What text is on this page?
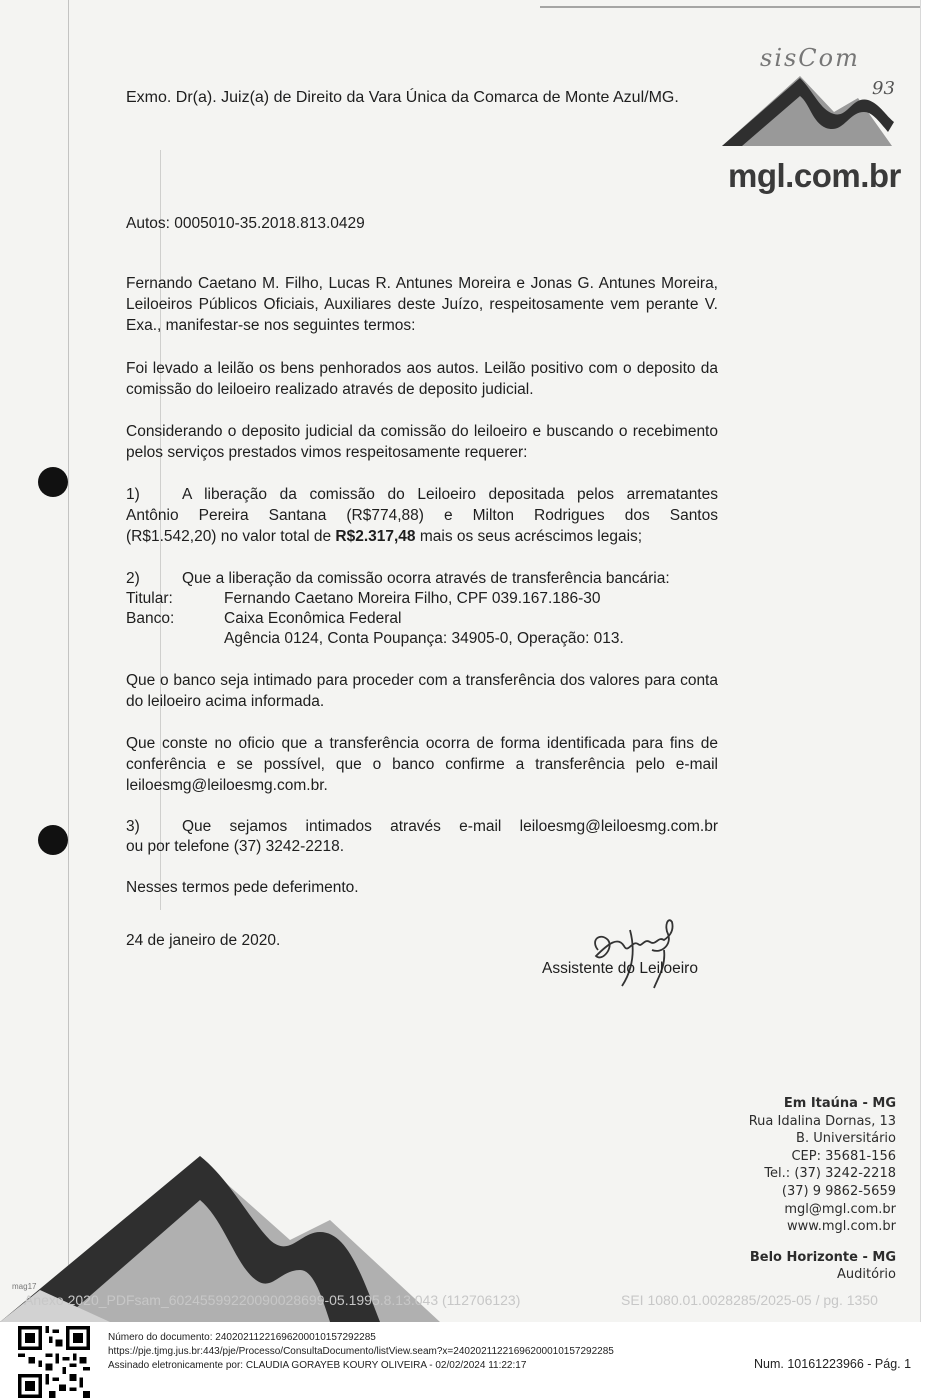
mgl.com.br
sisCom
93

Exmo. Dr(a). Juiz(a) de Direito da Vara Única da Comarca de Monte Azul/MG.

Autos: 0005010-35.2018.813.0429

Fernando Caetano M. Filho, Lucas R. Antunes Moreira e Jonas G. Antunes Moreira, Leiloeiros Públicos Oficiais, Auxiliares deste Juízo, respeitosamente vem perante V. Exa., manifestar-se nos seguintes termos:

Foi levado a leilão os bens penhorados aos autos. Leilão positivo com o deposito da comissão do leiloeiro realizado através de deposito judicial.

Considerando o deposito judicial da comissão do leiloeiro e buscando o recebimento pelos serviços prestados vimos respeitosamente requerer:

1)	A liberação da comissão do Leiloeiro depositada pelos arrematantes

Antônio Pereira Santana (R$774,88) e Milton Rodrigues dos Santos

(R$1.542,20) no valor total de R$2.317,48 mais os seus acréscimos legais;

2)	Que a liberação da comissão ocorra através de transferência bancária:

Titular:	Fernando Caetano Moreira Filho, CPF 039.167.186-30

Banco:	Caixa Econômica Federal

Agência 0124, Conta Poupança: 34905-0, Operação: 013.

Que o banco seja intimado para proceder com a transferência dos valores para conta do leiloeiro acima informada.

Que conste no oficio que a transferência ocorra de forma identificada para fins de conferência e se possível, que o banco confirme a transferência pelo e-mail leiloesmg@leiloesmg.com.br.

3)	Que sejamos intimados através e-mail leiloesmg@leiloesmg.com.br

ou por telefone (37) 3242-2218.

Nesses termos pede deferimento.

24 de janeiro de 2020.

Assistente do Leiloeiro

Em Itaúna - MG
Rua Idalina Dornas, 13
B. Universitário
CEP: 35681-156
Tel.: (37) 3242-2218
(37) 9 9862-5659
mgl@mgl.com.br
www.mgl.com.br
Belo Horizonte - MG
Auditório
mag17
Anexo 2020_PDFsam_6024559922009002869​9-05.1995.8.13.043 (112706123)	SEI 1080.01.0028285/2025-05 / pg. 1350
Número do documento: 24020211221696200010157292285
https://pje.tjmg.jus.br:443/pje/Processo/ConsultaDocumento/listView.seam?x=24020211221696200010157292285
Assinado eletronicamente por: CLAUDIA GORAYEB KOURY OLIVEIRA - 02/02/2024 11:22:17	Num. 10161223966 - Pág. 1
